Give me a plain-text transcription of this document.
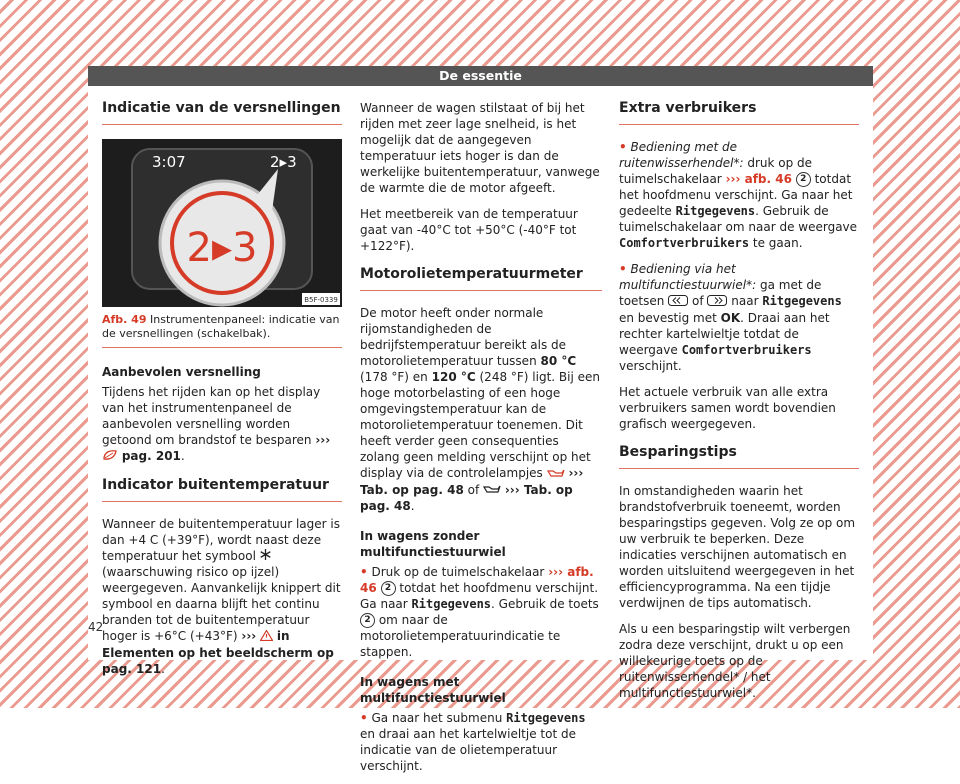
De essentie
Indicatie van de versnellingen
3:07	2▸3
2▸3
B5F-0339
Afb. 49 Instrumentenpaneel: indicatie van de versnellingen (schakelbak).
Aanbevolen versnelling

Tijdens het rijden kan op het display van het instrumentenpaneel de aanbevolen versnelling worden getoond om brandstof te besparen ›››  pag. 201.

Indicator buitentemperatuur

Wanneer de buitentemperatuur lager is dan +4 C (+39°F), wordt naast deze temperatuur het symbool  (waarschuwing risico op ijzel) weergegeven. Aanvankelijk knippert dit symbool en daarna blijft het continu branden tot de buitentemperatuur hoger is +6°C (+43°F) ››› in Elementen op het beeldscherm op pag. 121.

Wanneer de wagen stilstaat of bij het rijden met zeer lage snelheid, is het mogelijk dat de aangegeven temperatuur iets hoger is dan de werkelijke buitentemperatuur, vanwege de warmte die de motor afgeeft.

Het meetbereik van de temperatuur gaat van -40°C tot +50°C (-40°F tot +122°F).

Motorolietemperatuurmeter

De motor heeft onder normale rijomstandigheden de bedrijfstemperatuur bereikt als de motorolietemperatuur tussen 80 °C (178 °F) en 120 °C (248 °F) ligt. Bij een hoge motorbelasting of een hoge omgevingstemperatuur kan de motorolietemperatuur toenemen. Dit heeft verder geen consequenties zolang geen melding verschijnt op het display via de controlelampjes ››› Tab. op pag. 48 of ››› Tab. op pag. 48.

In wagens zonder multifunctiestuurwiel

• Druk op de tuimelschakelaar ››› afb. 46 2 totdat het hoofdmenu verschijnt. Ga naar Ritgegevens. Gebruik de toets 2 om naar de motorolietemperatuurindicatie te stappen.

In wagens met multifunctiestuurwiel

• Ga naar het submenu Ritgegevens en draai aan het kartelwieltje tot de indicatie van de olietemperatuur verschijnt.

Extra verbruikers

• Bediening met de ruitenwisserhendel*: druk op de tuimelschakelaar ››› afb. 46 2 totdat het hoofdmenu verschijnt. Ga naar het gedeelte Ritgegevens. Gebruik de tuimelschakelaar om naar de weergave Comfortverbruikers te gaan.

• Bediening via het multifunctiestuurwiel*: ga met de toetsen of naar Ritgegevens en bevestig met OK. Draai aan het rechter kartelwieltje totdat de weergave Comfortverbruikers verschijnt.

Het actuele verbruik van alle extra verbruikers samen wordt bovendien grafisch weergegeven.

Besparingstips

In omstandigheden waarin het brandstofverbruik toeneemt, worden besparingstips gegeven. Volg ze op om uw verbruik te beperken. Deze indicaties verschijnen automatisch en worden uitsluitend weergegeven in het efficiencyprogramma. Na een tijdje verdwijnen de tips automatisch.

Als u een besparingstip wilt verbergen zodra deze verschijnt, drukt u op een willekeurige toets op de ruitenwisserhendel* / het multifunctiestuurwiel*.

42
